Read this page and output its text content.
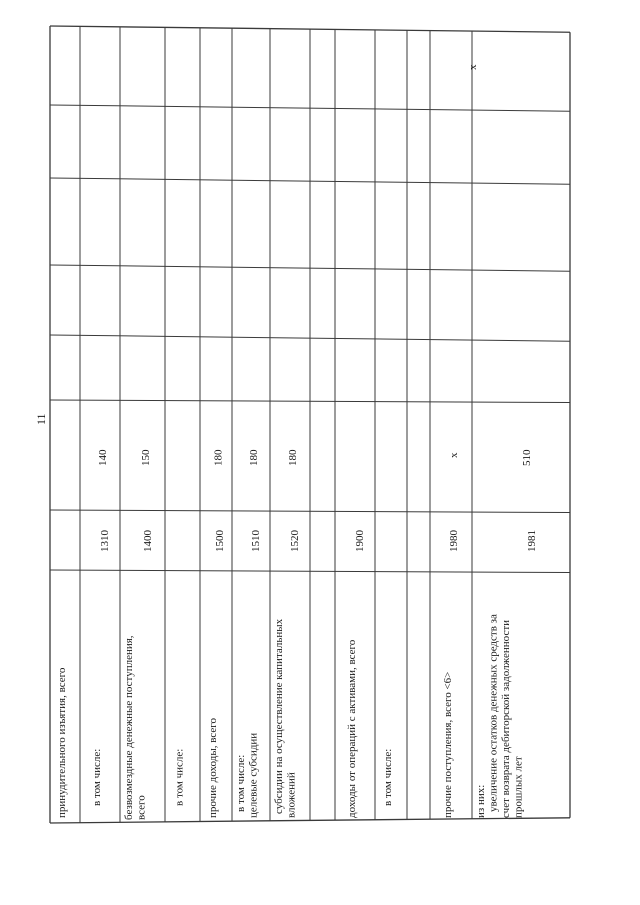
11
принудительного изъятия, всего в том числе:
1310
140
безвозмездные денежные поступления, всего
1400
150
в том числе: прочие доходы, всего
1500
180
в том числе: целевые субсидии
1510
180
субсидии на осуществление капитальных вложений
1520
180
доходы от операций с активами, всего
1900
в том числе:	прочие поступления, всего <6>
1980
x
из них: увеличение остатков денежных средств за счет возврата дебиторской задолженности прошлых лет
1981
510
x
